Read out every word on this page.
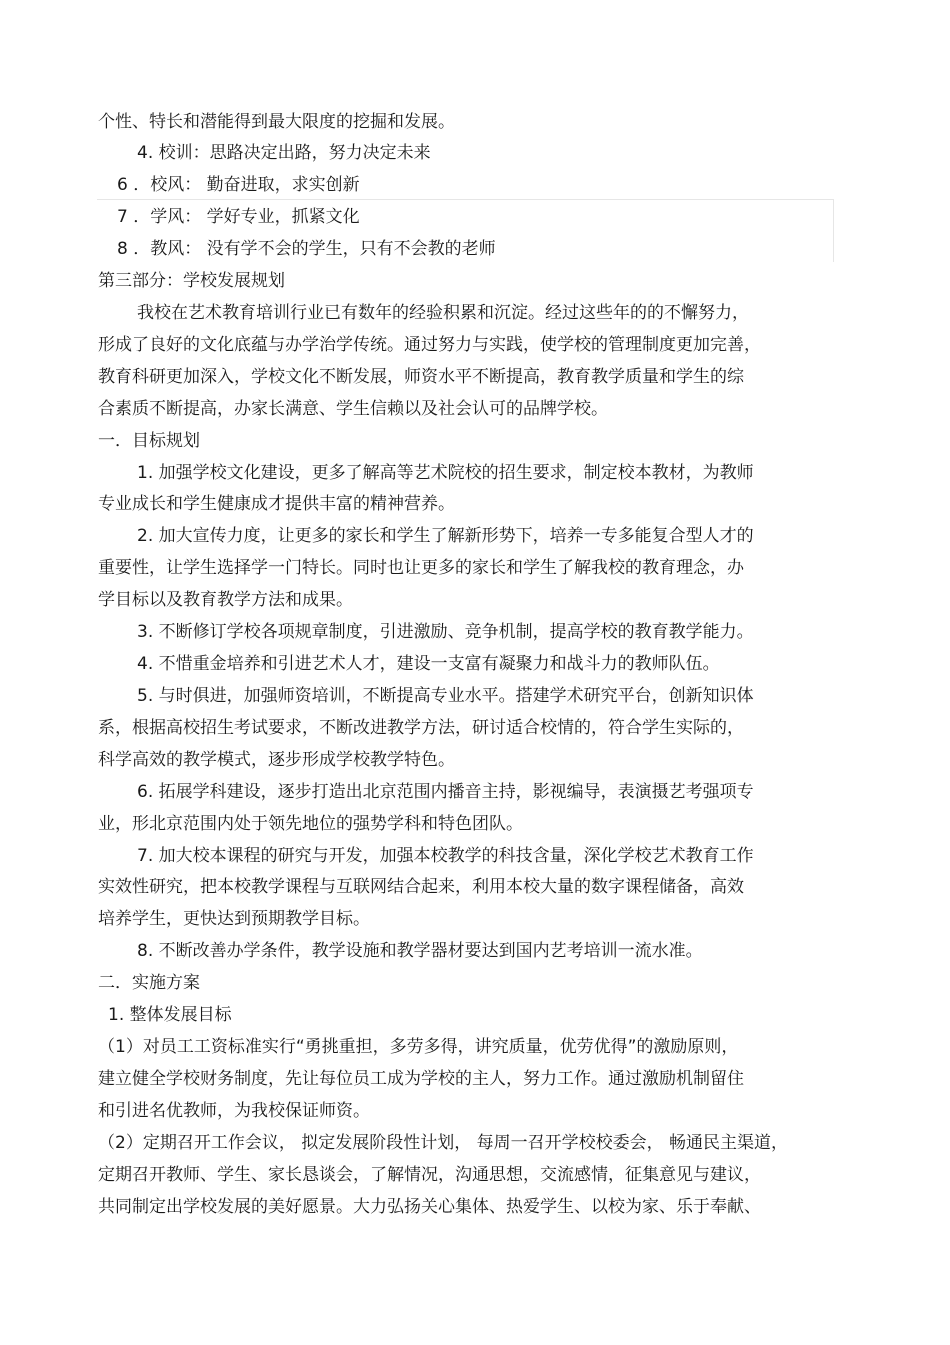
个性、特长和潜能得到最大限度的挖掘和发展。
4. 校训：思路决定出路，努力决定未来
6 ．校风： 勤奋进取，求实创新
7 ．学风： 学好专业，抓紧文化
8 ．教风： 没有学不会的学生，只有不会教的老师
第三部分：学校发展规划
我校在艺术教育培训行业已有数年的经验积累和沉淀。经过这些年的的不懈努力，
形成了良好的文化底蕴与办学治学传统。通过努力与实践，使学校的管理制度更加完善，
教育科研更加深入，学校文化不断发展，师资水平不断提高，教育教学质量和学生的综
合素质不断提高，办家长满意、学生信赖以及社会认可的品牌学校。
一．目标规划
1. 加强学校文化建设，更多了解高等艺术院校的招生要求，制定校本教材，为教师
专业成长和学生健康成才提供丰富的精神营养。
2. 加大宣传力度，让更多的家长和学生了解新形势下，培养一专多能复合型人才的
重要性，让学生选择学一门特长。同时也让更多的家长和学生了解我校的教育理念，办
学目标以及教育教学方法和成果。
3. 不断修订学校各项规章制度，引进激励、竞争机制，提高学校的教育教学能力。
4. 不惜重金培养和引进艺术人才，建设一支富有凝聚力和战斗力的教师队伍。
5. 与时俱进，加强师资培训，不断提高专业水平。搭建学术研究平台，创新知识体
系，根据高校招生考试要求，不断改进教学方法，研讨适合校情的，符合学生实际的，
科学高效的教学模式，逐步形成学校教学特色。
6. 拓展学科建设，逐步打造出北京范围内播音主持，影视编导，表演摄艺考强项专
业，形北京范围内处于领先地位的强势学科和特色团队。
7. 加大校本课程的研究与开发，加强本校教学的科技含量，深化学校艺术教育工作
实效性研究，把本校教学课程与互联网结合起来，利用本校大量的数字课程储备，高效
培养学生，更快达到预期教学目标。
8. 不断改善办学条件，教学设施和教学器材要达到国内艺考培训一流水准。
二．实施方案
1. 整体发展目标
（1）对员工工资标准实行“勇挑重担，多劳多得，讲究质量，优劳优得”的激励原则，
建立健全学校财务制度，先让每位员工成为学校的主人，努力工作。通过激励机制留住
和引进名优教师，为我校保证师资。
（2）定期召开工作会议， 拟定发展阶段性计划， 每周一召开学校校委会， 畅通民主渠道，
定期召开教师、学生、家长恳谈会，了解情况，沟通思想，交流感情，征集意见与建议，
共同制定出学校发展的美好愿景。大力弘扬关心集体、热爱学生、以校为家、乐于奉献、
